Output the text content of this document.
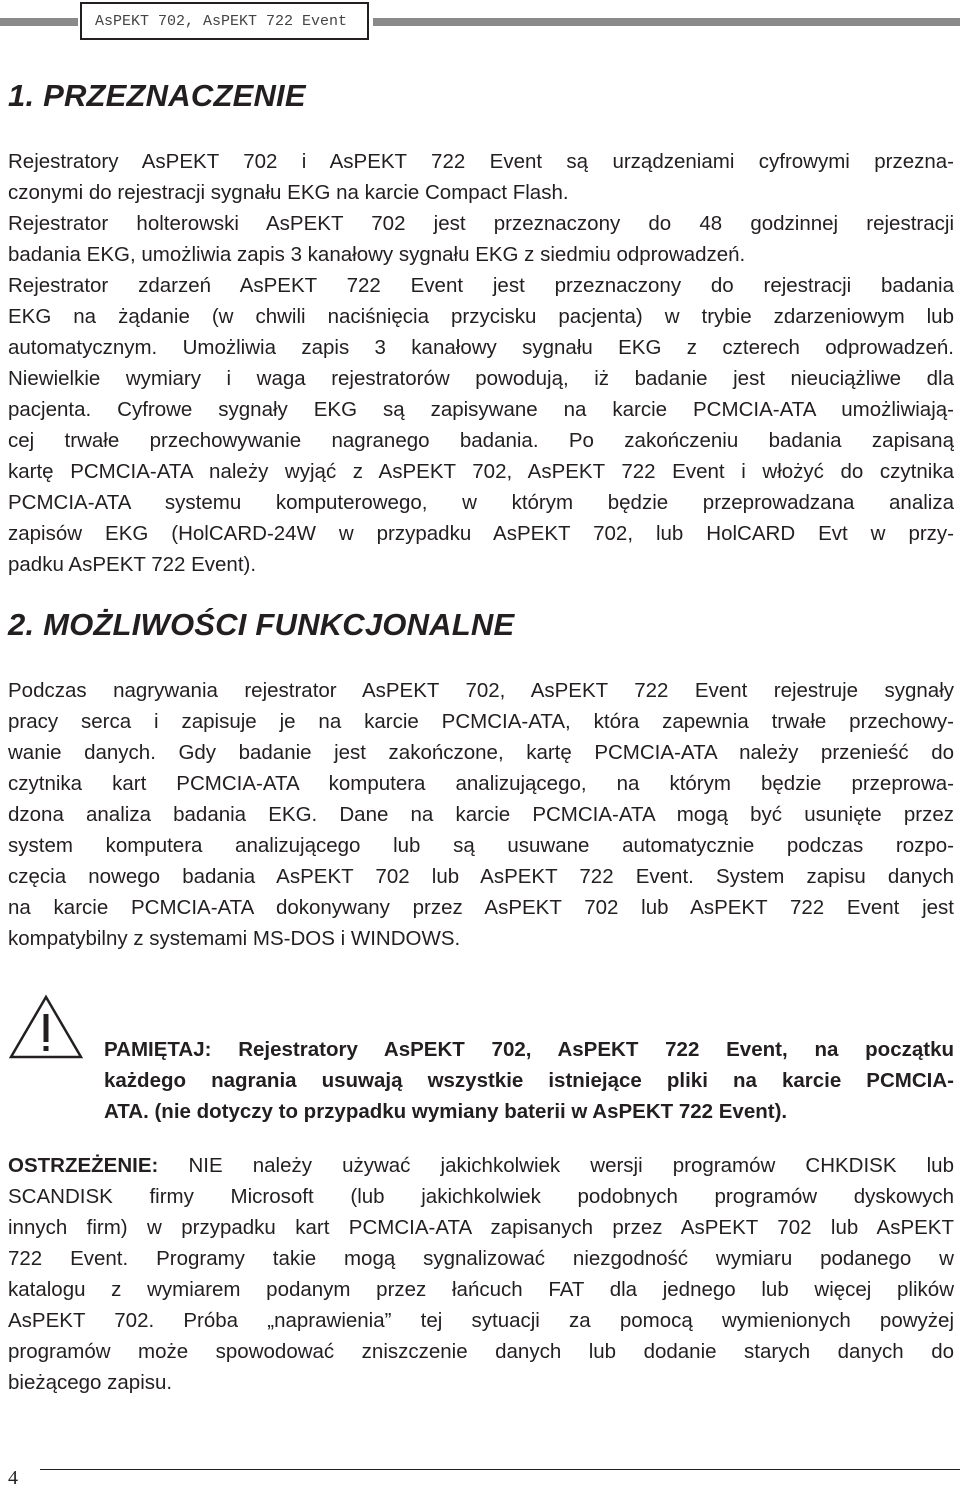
AsPEKT 702, AsPEKT 722 Event
1. PRZEZNACZENIE

Rejestratory AsPEKT 702 i AsPEKT 722 Event są urządzeniami cyfrowymi przezna-
czonymi do rejestracji sygnału EKG na karcie Compact Flash.
Rejestrator holterowski AsPEKT 702 jest przeznaczony do 48 godzinnej rejestracji
badania EKG, umożliwia zapis 3 kanałowy sygnału EKG z siedmiu odprowadzeń.
Rejestrator zdarzeń AsPEKT 722 Event jest przeznaczony do rejestracji badania
EKG na żądanie (w chwili naciśnięcia przycisku pacjenta) w trybie zdarzeniowym lub
automatycznym. Umożliwia zapis 3 kanałowy sygnału EKG z czterech odprowadzeń.
Niewielkie wymiary i waga rejestratorów powodują, iż badanie jest nieuciążliwe dla
pacjenta. Cyfrowe sygnały EKG są zapisywane na karcie PCMCIA-ATA umożliwiają-
cej trwałe przechowywanie nagranego badania. Po zakończeniu badania zapisaną
kartę PCMCIA-ATA należy wyjąć z AsPEKT 702, AsPEKT 722 Event i włożyć do czytnika
PCMCIA-ATA systemu komputerowego, w którym będzie przeprowadzana analiza
zapisów EKG (HolCARD-24W w przypadku AsPEKT 702, lub HolCARD Evt w przy-
padku AsPEKT 722 Event).

2. MOŻLIWOŚCI FUNKCJONALNE

Podczas nagrywania rejestrator AsPEKT 702, AsPEKT 722 Event rejestruje sygnały
pracy serca i zapisuje je na karcie PCMCIA-ATA, która zapewnia trwałe przechowy-
wanie danych. Gdy badanie jest zakończone, kartę PCMCIA-ATA należy przenieść do
czytnika kart PCMCIA-ATA komputera analizującego, na którym będzie przeprowa-
dzona analiza badania EKG. Dane na karcie PCMCIA-ATA mogą być usunięte przez
system komputera analizującego lub są usuwane automatycznie podczas rozpo-
częcia nowego badania AsPEKT 702 lub AsPEKT 722 Event. System zapisu danych
na karcie PCMCIA-ATA dokonywany przez AsPEKT 702 lub AsPEKT 722 Event jest
kompatybilny z systemami MS-DOS i WINDOWS.

PAMIĘTAJ: Rejestratory AsPEKT 702, AsPEKT 722 Event, na początku
każdego nagrania usuwają wszystkie istniejące pliki na karcie PCMCIA-
ATA. (nie dotyczy to przypadku wymiany baterii w AsPEKT 722 Event).

OSTRZEŻENIE: NIE należy używać jakichkolwiek wersji programów CHKDISK lub
SCANDISK firmy Microsoft (lub jakichkolwiek podobnych programów dyskowych
innych firm) w przypadku kart PCMCIA-ATA zapisanych przez AsPEKT 702 lub AsPEKT
722 Event. Programy takie mogą sygnalizować niezgodność wymiaru podanego w
katalogu z wymiarem podanym przez łańcuch FAT dla jednego lub więcej plików
AsPEKT 702. Próba „naprawienia” tej sytuacji za pomocą wymienionych powyżej
programów może spowodować zniszczenie danych lub dodanie starych danych do
bieżącego zapisu.

4
